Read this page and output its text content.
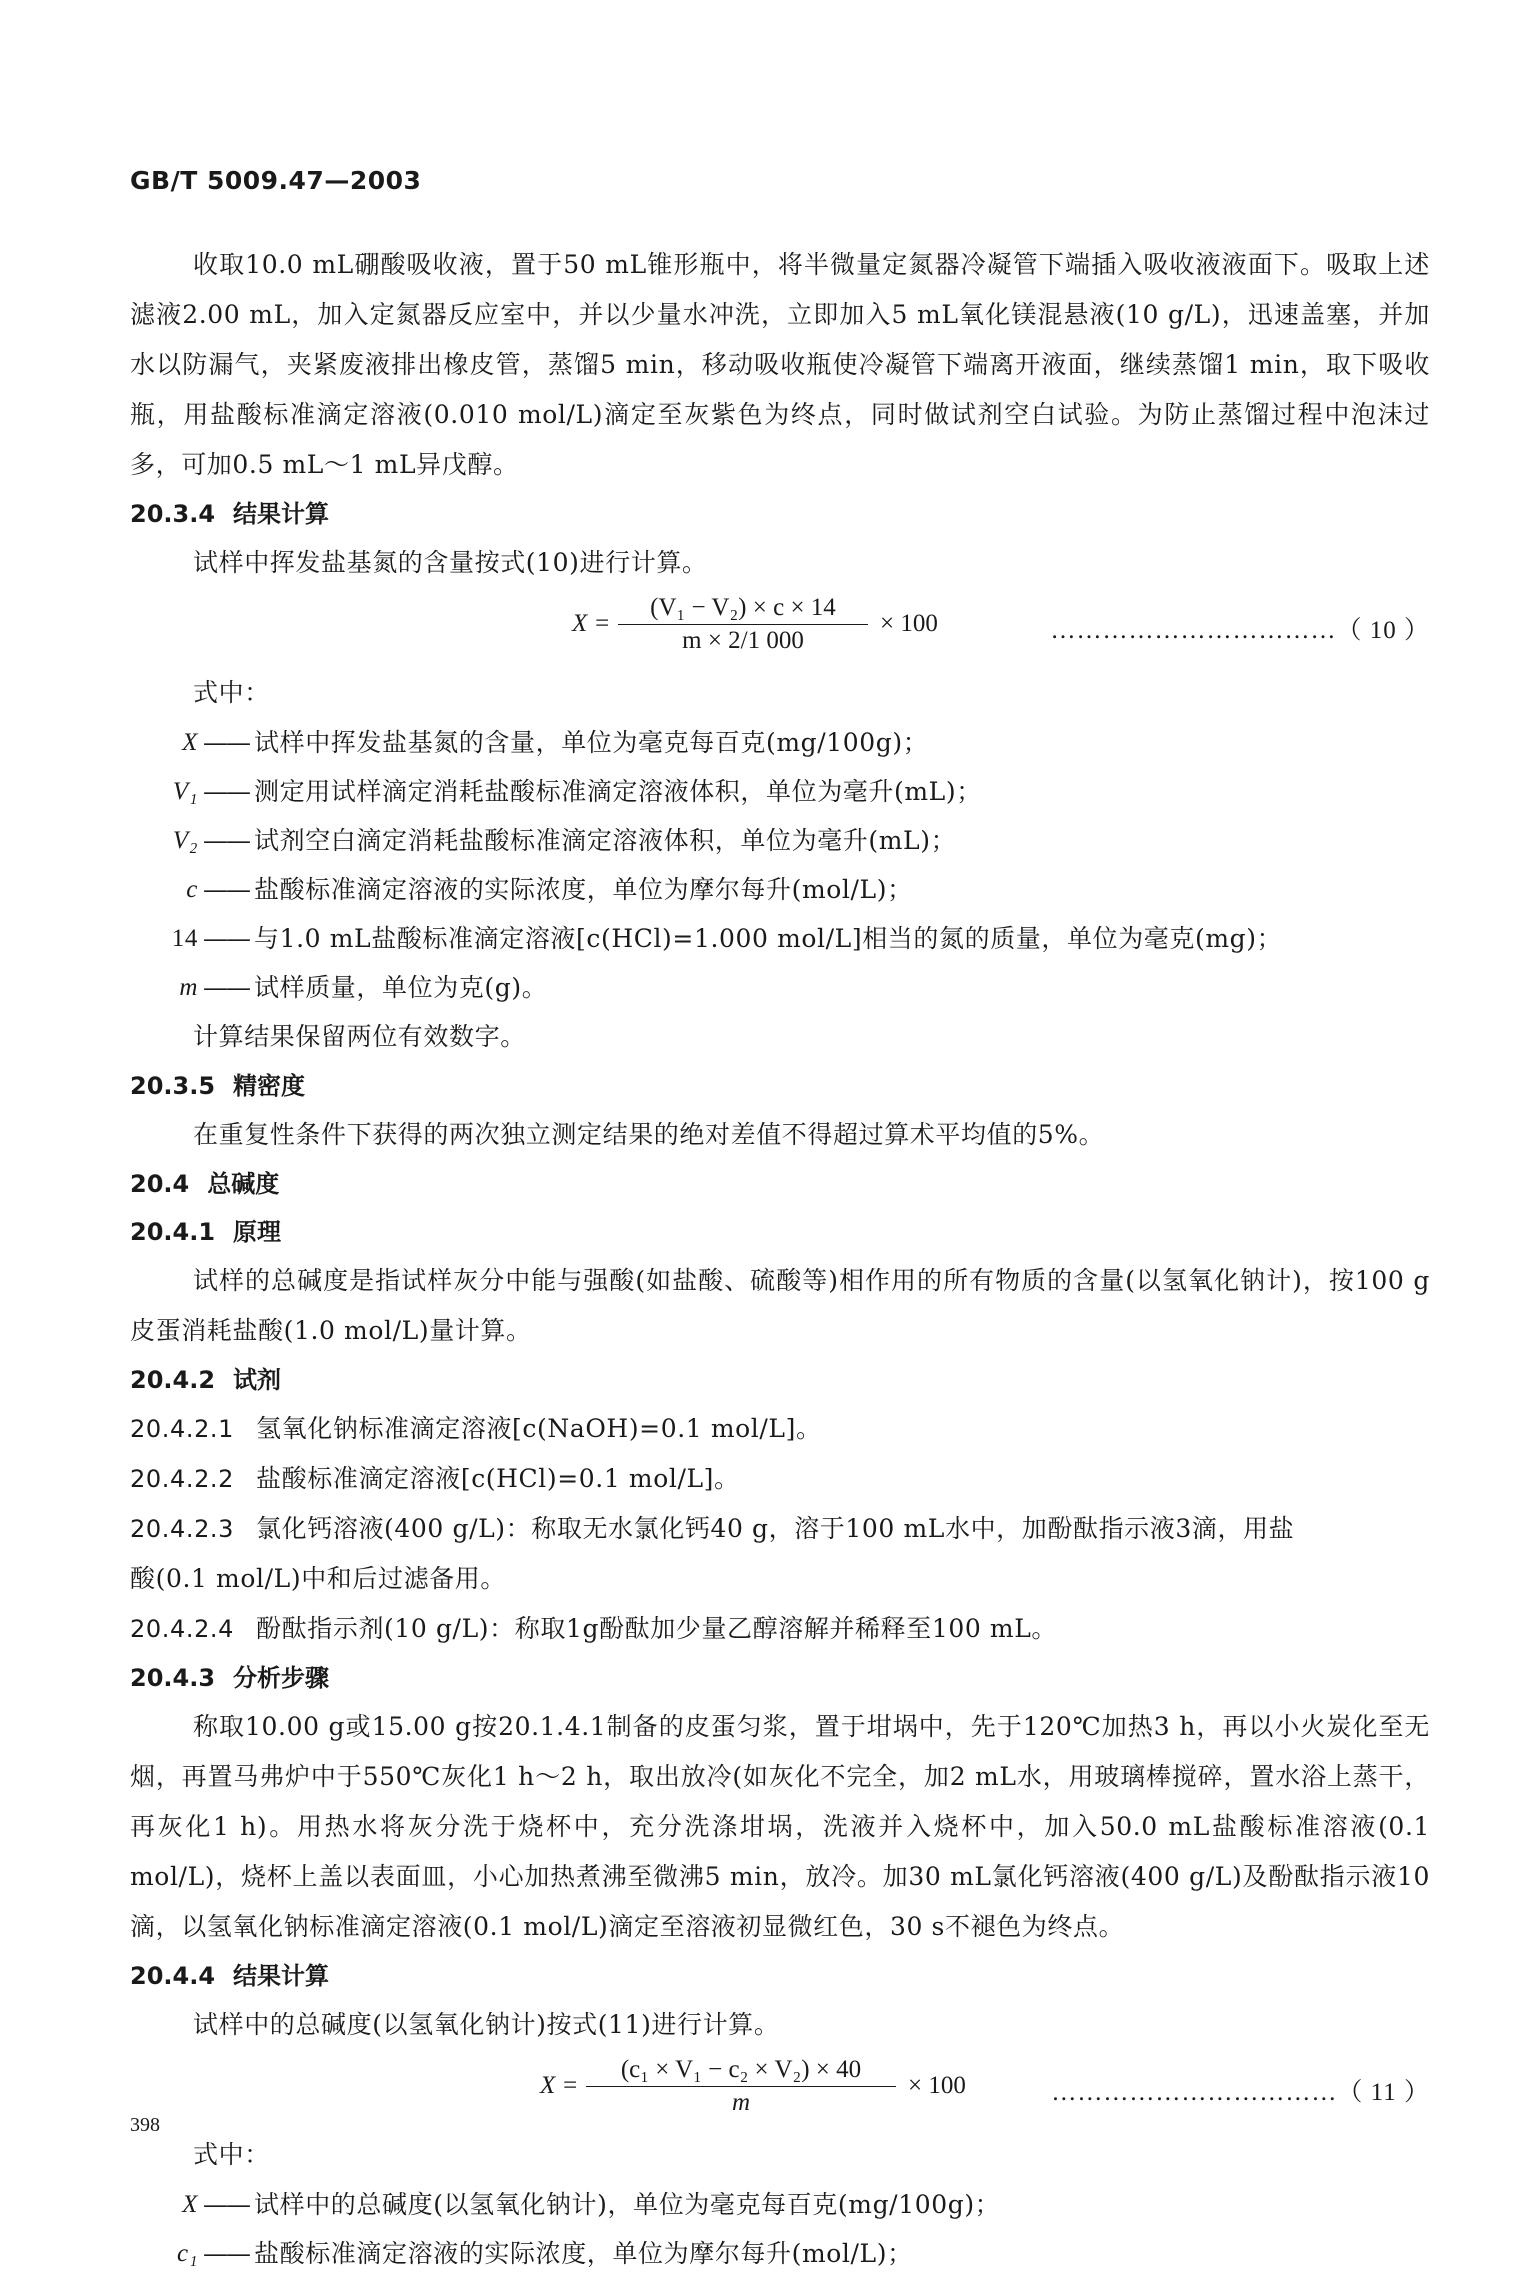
GB/T 5009.47—2003

收取10.0 mL硼酸吸收液，置于50 mL锥形瓶中，将半微量定氮器冷凝管下端插入吸收液液面下。吸取上述滤液2.00 mL，加入定氮器反应室中，并以少量水冲洗，立即加入5 mL氧化镁混悬液(10 g/L)，迅速盖塞，并加水以防漏气，夹紧废液排出橡皮管，蒸馏5 min，移动吸收瓶使冷凝管下端离开液面，继续蒸馏1 min，取下吸收瓶，用盐酸标准滴定溶液(0.010 mol/L)滴定至灰紫色为终点，同时做试剂空白试验。为防止蒸馏过程中泡沫过多，可加0.5 mL～1 mL异戊醇。

20.3.4 结果计算

试样中挥发盐基氮的含量按式(10)进行计算。

X =
(V₁ − V₂) × c × 14
m × 2/1 000
× 100	……………………………（ 10 ）

式中：

X —— 试样中挥发盐基氮的含量，单位为毫克每百克(mg/100g)；

V₁ —— 测定用试样滴定消耗盐酸标准滴定溶液体积，单位为毫升(mL)；

V₂ —— 试剂空白滴定消耗盐酸标准滴定溶液体积，单位为毫升(mL)；

c —— 盐酸标准滴定溶液的实际浓度，单位为摩尔每升(mol/L)；

14 —— 与1.0 mL盐酸标准滴定溶液[c(HCl)=1.000 mol/L]相当的氮的质量，单位为毫克(mg)；

m —— 试样质量，单位为克(g)。

计算结果保留两位有效数字。

20.3.5 精密度

在重复性条件下获得的两次独立测定结果的绝对差值不得超过算术平均值的5%。

20.4 总碱度

20.4.1 原理

试样的总碱度是指试样灰分中能与强酸(如盐酸、硫酸等)相作用的所有物质的含量(以氢氧化钠计)，按100 g皮蛋消耗盐酸(1.0 mol/L)量计算。

20.4.2 试剂

20.4.2.1 氢氧化钠标准滴定溶液[c(NaOH)=0.1 mol/L]。

20.4.2.2 盐酸标准滴定溶液[c(HCl)=0.1 mol/L]。

20.4.2.3 氯化钙溶液(400 g/L)：称取无水氯化钙40 g，溶于100 mL水中，加酚酞指示液3滴，用盐

酸(0.1 mol/L)中和后过滤备用。

20.4.2.4 酚酞指示剂(10 g/L)：称取1g酚酞加少量乙醇溶解并稀释至100 mL。

20.4.3 分析步骤

称取10.00 g或15.00 g按20.1.4.1制备的皮蛋匀浆，置于坩埚中，先于120℃加热3 h，再以小火炭化至无烟，再置马弗炉中于550℃灰化1 h～2 h，取出放冷(如灰化不完全，加2 mL水，用玻璃棒搅碎，置水浴上蒸干，再灰化1 h)。用热水将灰分洗于烧杯中，充分洗涤坩埚，洗液并入烧杯中，加入50.0 mL盐酸标准溶液(0.1 mol/L)，烧杯上盖以表面皿，小心加热煮沸至微沸5 min，放冷。加30 mL氯化钙溶液(400 g/L)及酚酞指示液10滴，以氢氧化钠标准滴定溶液(0.1 mol/L)滴定至溶液初显微红色，30 s不褪色为终点。

20.4.4 结果计算

试样中的总碱度(以氢氧化钠计)按式(11)进行计算。

X =
(c₁ × V₁ − c₂ × V₂) × 40
m
× 100	……………………………（ 11 ）

式中：

X —— 试样中的总碱度(以氢氧化钠计)，单位为毫克每百克(mg/100g)；

c₁ —— 盐酸标准滴定溶液的实际浓度，单位为摩尔每升(mol/L)；

398
